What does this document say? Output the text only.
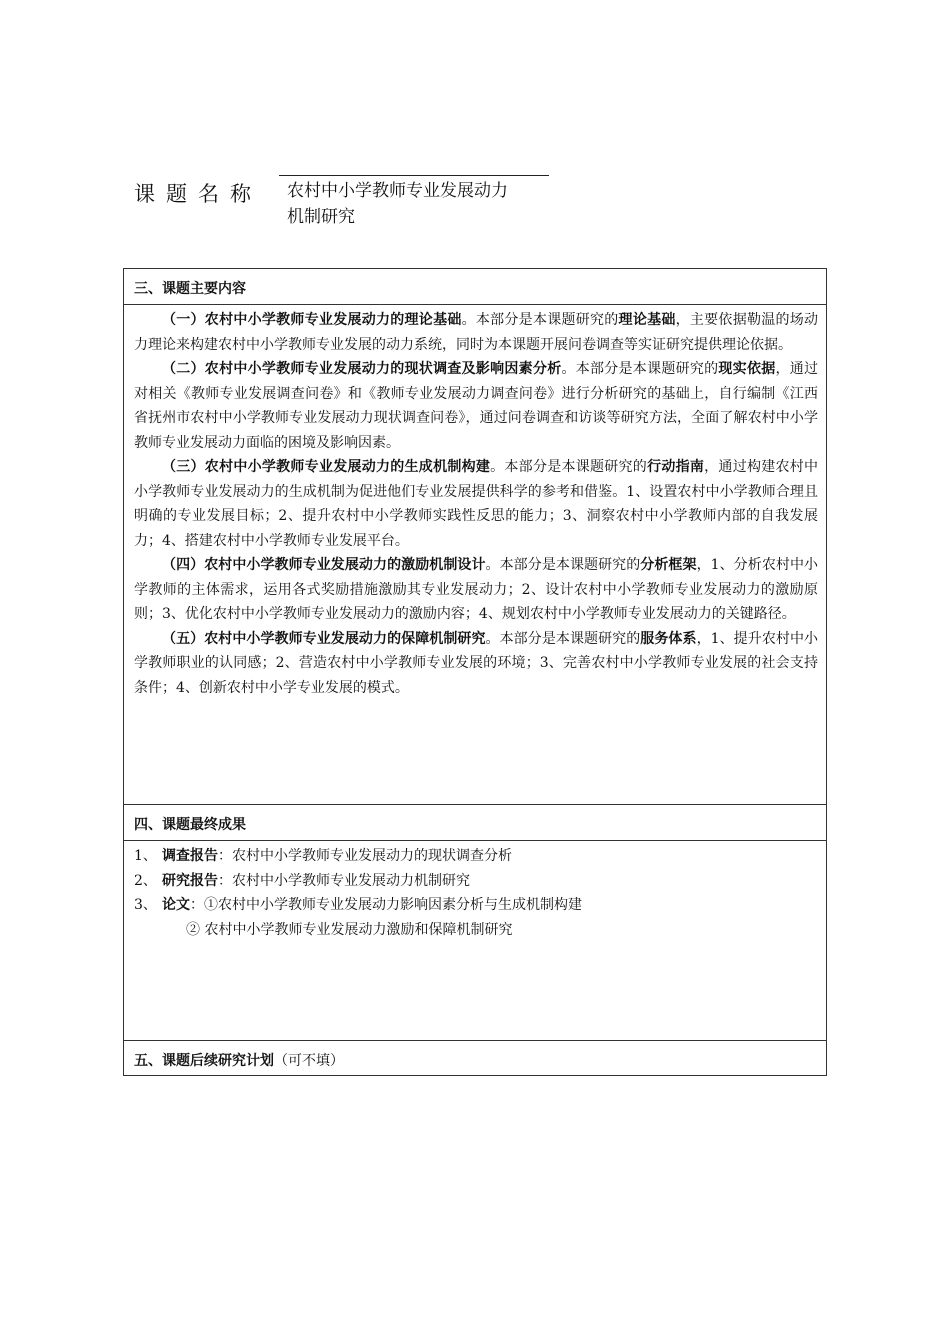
课题名称 农村中小学教师专业发展动力
机制研究
三、课题主要内容

（一）农村中小学教师专业发展动力的理论基础。本部分是本课题研究的理论基础，主要依据勒温的场动力理论来构建农村中小学教师专业发展的动力系统，同时为本课题开展问卷调查等实证研究提供理论依据。

（二）农村中小学教师专业发展动力的现状调查及影响因素分析。本部分是本课题研究的现实依据，通过对相关《教师专业发展调查问卷》和《教师专业发展动力调查问卷》进行分析研究的基础上，自行编制《江西省抚州市农村中小学教师专业发展动力现状调查问卷》，通过问卷调查和访谈等研究方法，全面了解农村中小学教师专业发展动力面临的困境及影响因素。

（三）农村中小学教师专业发展动力的生成机制构建。本部分是本课题研究的行动指南，通过构建农村中小学教师专业发展动力的生成机制为促进他们专业发展提供科学的参考和借鉴。1、设置农村中小学教师合理且明确的专业发展目标；2、提升农村中小学教师实践性反思的能力；3、洞察农村中小学教师内部的自我发展力；4、搭建农村中小学教师专业发展平台。

（四）农村中小学教师专业发展动力的激励机制设计。本部分是本课题研究的分析框架，1、分析农村中小学教师的主体需求，运用各式奖励措施激励其专业发展动力；2、设计农村中小学教师专业发展动力的激励原则；3、优化农村中小学教师专业发展动力的激励内容；4、规划农村中小学教师专业发展动力的关键路径。

（五）农村中小学教师专业发展动力的保障机制研究。本部分是本课题研究的服务体系，1、提升农村中小学教师职业的认同感；2、营造农村中小学教师专业发展的环境；3、完善农村中小学教师专业发展的社会支持条件；4、创新农村中小学专业发展的模式。

四、课题最终成果
1、 调查报告：农村中小学教师专业发展动力的现状调查分析
2、 研究报告：农村中小学教师专业发展动力机制研究
3、 论文：①农村中小学教师专业发展动力影响因素分析与生成机制构建
② 农村中小学教师专业发展动力激励和保障机制研究
五、课题后续研究计划（可不填）
